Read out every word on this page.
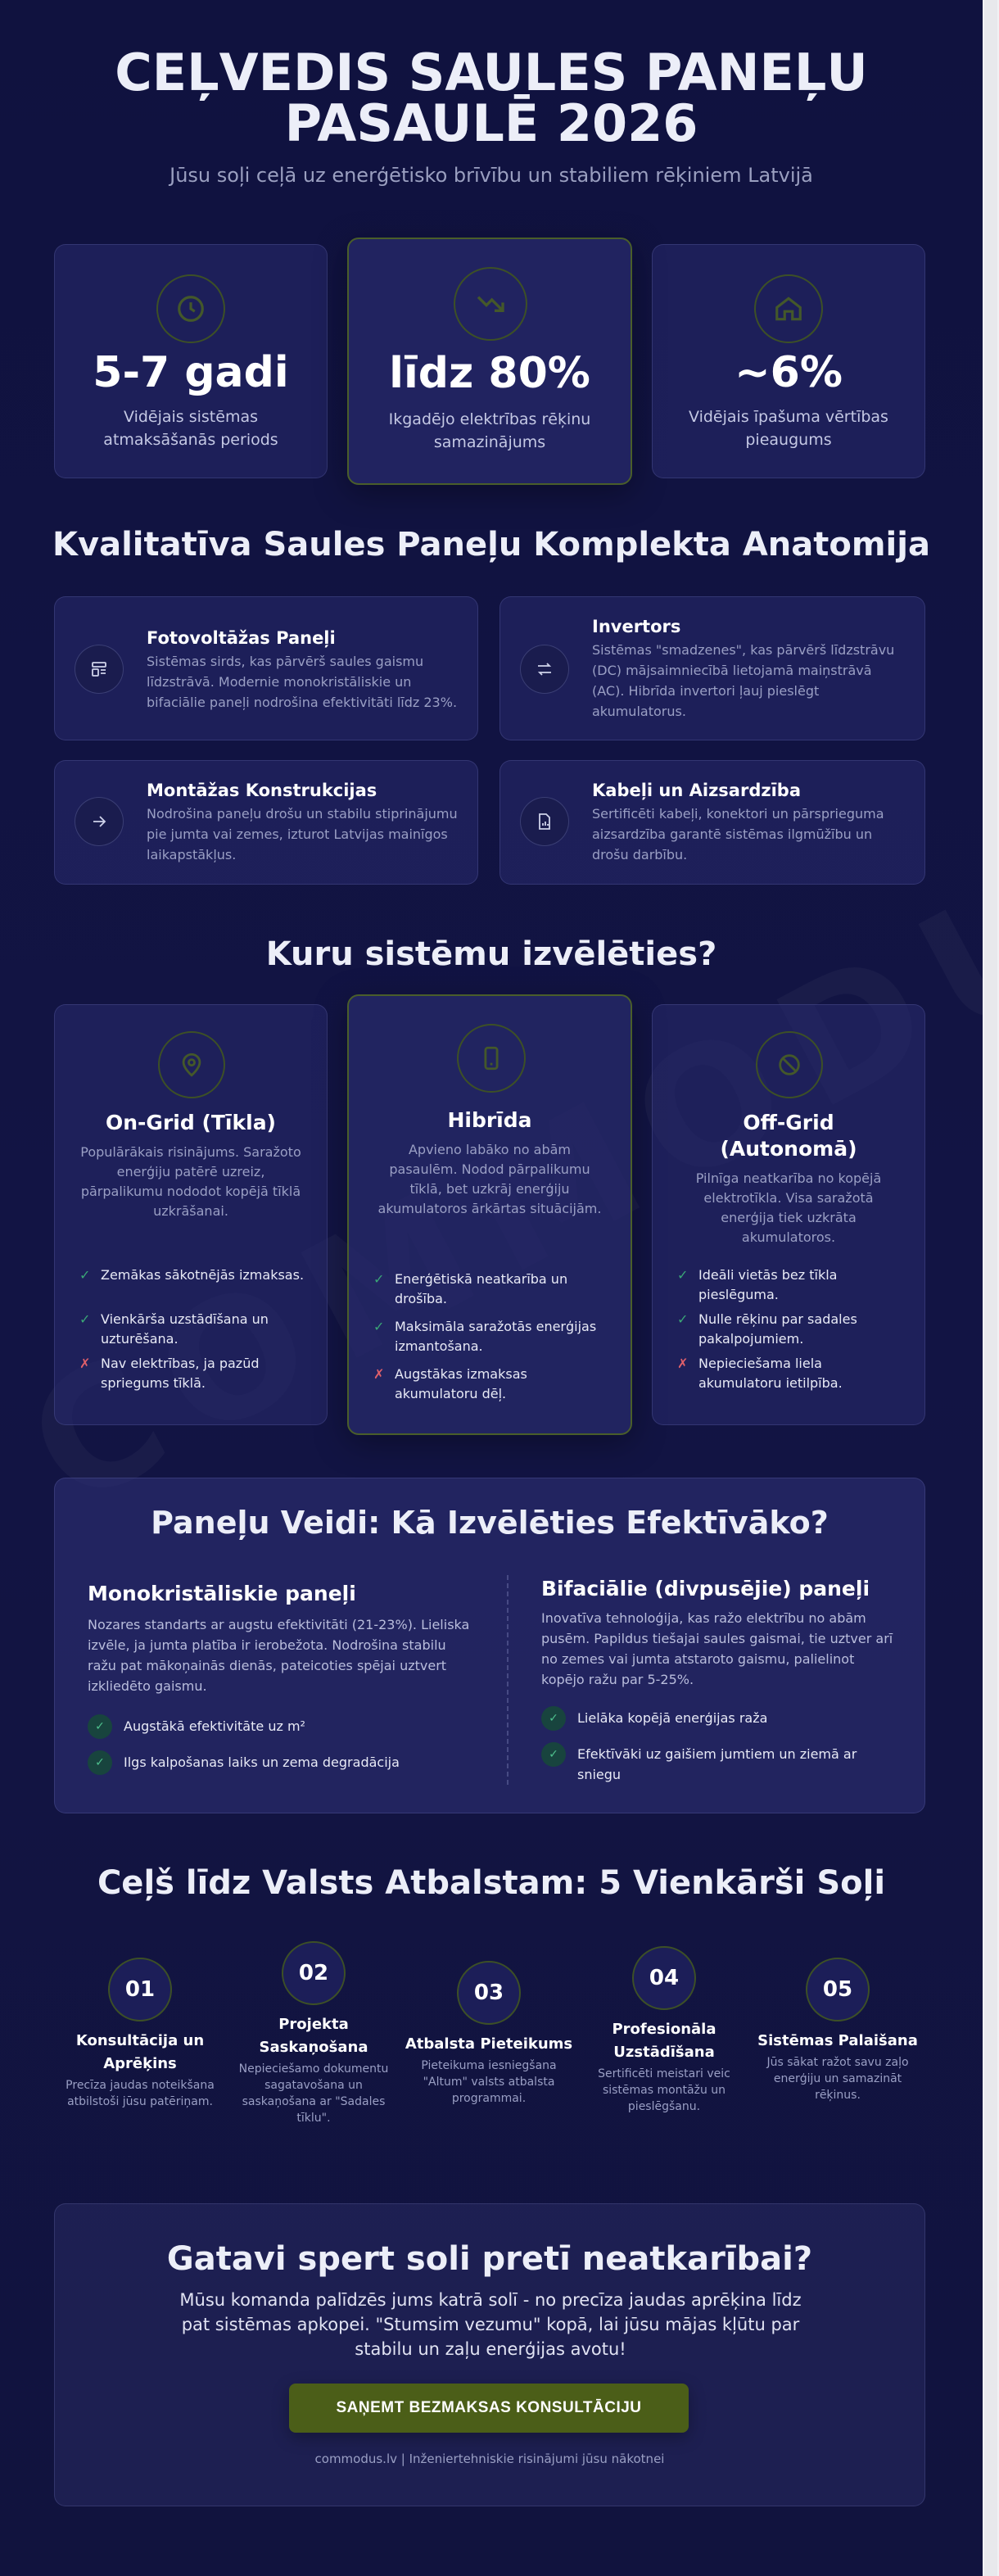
CEĻVEDIS SAULES PANEĻU
PASAULĒ 2026
Jūsu soļi ceļā uz enerģētisko brīvību un stabiliem rēķiniem Latvijā
5-7 gadi
Vidējais sistēmas atmaksāšanās periods
līdz 80%
Ikgadējo elektrības rēķinu samazinājums
~6%
Vidējais īpašuma vērtības pieaugums
Kvalitatīva Saules Paneļu Komplekta Anatomija
Fotovoltāžas Paneļi
Sistēmas sirds, kas pārvērš saules gaismu līdzstrāvā. Modernie monokristāliskie un bifaciālie paneļi nodrošina efektivitāti līdz 23%.
Invertors
Sistēmas "smadzenes", kas pārvērš līdzstrāvu (DC) mājsaimniecībā lietojamā maiņstrāvā (AC). Hibrīda invertori ļauj pieslēgt akumulatorus.
Montāžas Konstrukcijas
Nodrošina paneļu drošu un stabilu stiprinājumu pie jumta vai zemes, izturot Latvijas mainīgos laikapstākļus.
Kabeļi un Aizsardzība
Sertificēti kabeļi, konektori un pārsprieguma aizsardzība garantē sistēmas ilgmūžību un drošu darbību.
Kuru sistēmu izvēlēties?
On-Grid (Tīkla)
Populārākais risinājums. Saražoto enerģiju patērē uzreiz, pārpalikumu nododot kopējā tīklā uzkrāšanai.
✓ Zemākas sākotnējās izmaksas.
✓ Vienkārša uzstādīšana un uzturēšana.
✗ Nav elektrības, ja pazūd spriegums tīklā.
Hibrīda
Apvieno labāko no abām pasaulēm. Nodod pārpalikumu tīklā, bet uzkrāj enerģiju akumulatoros ārkārtas situācijām.
✓ Enerģētiskā neatkarība un drošība.
✓ Maksimāla saražotās enerģijas izmantošana.
✗ Augstākas izmaksas akumulatoru dēļ.
Off-Grid (Autonomā)
Pilnīga neatkarība no kopējā elektrotīkla. Visa saražotā enerģija tiek uzkrāta akumulatoros.
✓ Ideāli vietās bez tīkla pieslēguma.
✓ Nulle rēķinu par sadales pakalpojumiem.
✗ Nepieciešama liela akumulatoru ietilpība.
Paneļu Veidi: Kā Izvēlēties Efektīvāko?
Monokristāliskie paneļi
Nozares standarts ar augstu efektivitāti (21-23%). Lieliska izvēle, ja jumta platība ir ierobežota. Nodrošina stabilu ražu pat mākoņainās dienās, pateicoties spējai uztvert izkliedēto gaismu.
✓	Augstākā efektivitāte uz m²
✓	Ilgs kalpošanas laiks un zema degradācija
Bifaciālie (divpusējie) paneļi
Inovatīva tehnoloģija, kas ražo elektrību no abām pusēm. Papildus tiešajai saules gaismai, tie uztver arī no zemes vai jumta atstaroto gaismu, palielinot kopējo ražu par 5-25%.
✓	Lielāka kopējā enerģijas raža
✓	Efektīvāki uz gaišiem jumtiem un ziemā ar sniegu
Ceļš līdz Valsts Atbalstam: 5 Vienkārši Soļi
01
Konsultācija un Aprēķins
Precīza jaudas noteikšana atbilstoši jūsu patēriņam.
02
Projekta Saskaņošana
Nepieciešamo dokumentu sagatavošana un saskaņošana ar "Sadales tīklu".
03
Atbalsta Pieteikums
Pieteikuma iesniegšana "Altum" valsts atbalsta programmai.
04
Profesionāla Uzstādīšana
Sertificēti meistari veic sistēmas montāžu un pieslēgšanu.
05
Sistēmas Palaišana
Jūs sākat ražot savu zaļo enerģiju un samazināt rēķinus.
Gatavi spert soli pretī neatkarībai?
Mūsu komanda palīdzēs jums katrā solī - no precīza jaudas aprēķina līdz pat sistēmas apkopei. "Stumsim vezumu" kopā, lai jūsu mājas kļūtu par stabilu un zaļu enerģijas avotu!
commodus.lv | Inženiertehniskie risinājumi jūsu nākotnei
SAŅEMT BEZMAKSAS KONSULTĀCIJU
